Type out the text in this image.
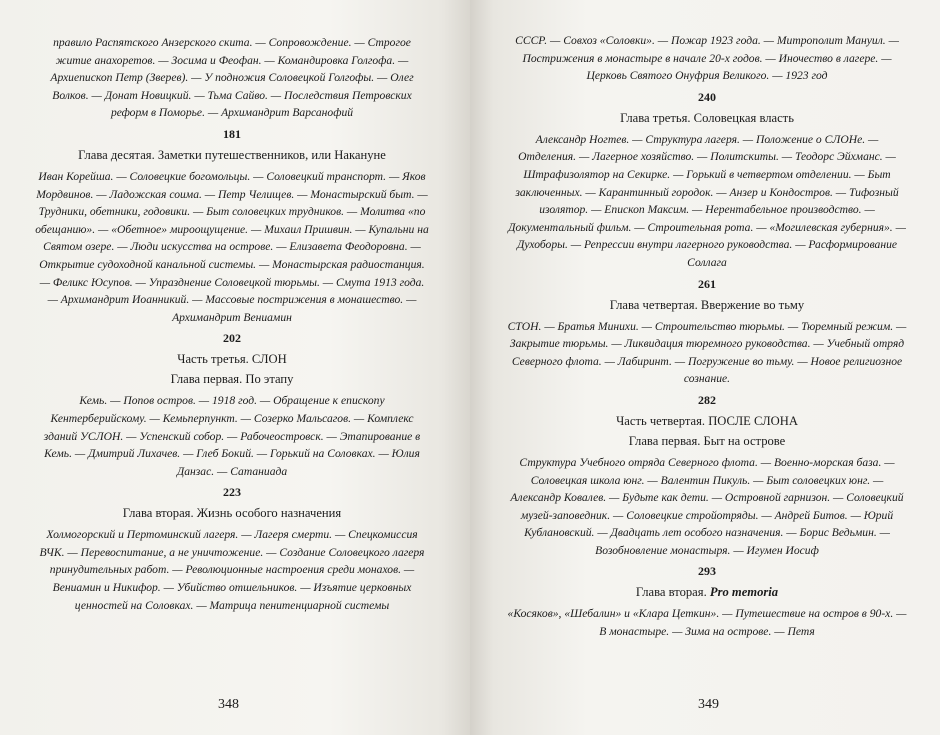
правило Распятского Анзерского скита. — Сопровождение. — Строгое житие анахоретов. — Зосима и Феофан. — Командировка Голгофа. — Архиепископ Петр (Зверев). — У подножия Соловецкой Голгофы. — Олег Волков. — Донат Новицкий. — Тьма Сайво. — Последствия Петровских реформ в Поморье. — Архимандрит Варсанофий

181
Глава десятая. Заметки путешественников, или Накануне

Иван Корейша. — Соловецкие богомольцы. — Соловецкий транспорт. — Яков Мордвинов. — Ладожская соима. — Петр Челищев. — Монастырский быт. — Трудники, обетники, годовики. — Быт соловецких трудников. — Молитва «по обещанию». — «Обетное» мироощущение. — Михаил Пришвин. — Купальни на Святом озере. — Люди искусства на острове. — Елизавета Феодоровна. — Открытие судоходной канальной системы. — Монастырская радиостанция. — Феликс Юсупов. — Упразднение Соловецкой тюрьмы. — Смута 1913 года. — Архимандрит Иоанникий. — Массовые пострижения в монашество. — Архимандрит Вениамин

202
Часть третья. СЛОН
Глава первая. По этапу

Кемь. — Попов остров. — 1918 год. — Обращение к епископу Кентерберийскому. — Кемьперпункт. — Созерко Мальсагов. — Комплекс зданий УСЛОН. — Успенский собор. — Рабочеостровск. — Этапирование в Кемь. — Дмитрий Лихачев. — Глеб Бокий. — Горький на Соловках. — Юлия Данзас. — Сатаниада

223
Глава вторая. Жизнь особого назначения

Холмогорский и Пертоминский лагеря. — Лагеря смерти. — Спецкомиссия ВЧК. — Перевоспитание, а не уничтожение. — Создание Соловецкого лагеря принудительных работ. — Революционные настроения среди монахов. — Вениамин и Никифор. — Убийство отшельников. — Изъятие церковных ценностей на Соловках. — Матрица пенитенциарной системы

348

СССР. — Совхоз «Соловки». — Пожар 1923 года. — Митрополит Мануил. — Пострижения в монастыре в начале 20-х годов. — Иночество в лагере. — Церковь Святого Онуфрия Великого. — 1923 год

240
Глава третья. Соловецкая власть

Александр Ногтев. — Структура лагеря. — Положение о СЛОНе. — Отделения. — Лагерное хозяйство. — Политскиты. — Теодорс Эйхманс. — Штрафизолятор на Секирке. — Горький в четвертом отделении. — Быт заключенных. — Карантинный городок. — Анзер и Кондостров. — Тифозный изолятор. — Епископ Максим. — Нерентабельное производство. — Документальный фильм. — Строительная рота. — «Могилевская губерния». — Духоборы. — Репрессии внутри лагерного руководства. — Расформирование Соллага

261
Глава четвертая. Ввержение во тьму

СТОН. — Братья Минихи. — Строительство тюрьмы. — Тюремный режим. — Закрытие тюрьмы. — Ликвидация тюремного руководства. — Учебный отряд Северного флота. — Лабиринт. — Погружение во тьму. — Новое религиозное сознание.

282
Часть четвертая. ПОСЛЕ СЛОНА
Глава первая. Быт на острове

Структура Учебного отряда Северного флота. — Военно-морская база. — Соловецкая школа юнг. — Валентин Пикуль. — Быт соловецких юнг. — Александр Ковалев. — Будьте как дети. — Островной гарнизон. — Соловецкий музей-заповедник. — Соловецкие стройотряды. — Андрей Битов. — Юрий Кублановский. — Двадцать лет особого назначения. — Борис Ведьмин. — Возобновление монастыря. — Игумен Иосиф

293
Глава вторая. Pro memoria

«Косяков», «Шебалин» и «Клара Цеткин». — Путешествие на остров в 90-х. — В монастыре. — Зима на острове. — Петя

349
